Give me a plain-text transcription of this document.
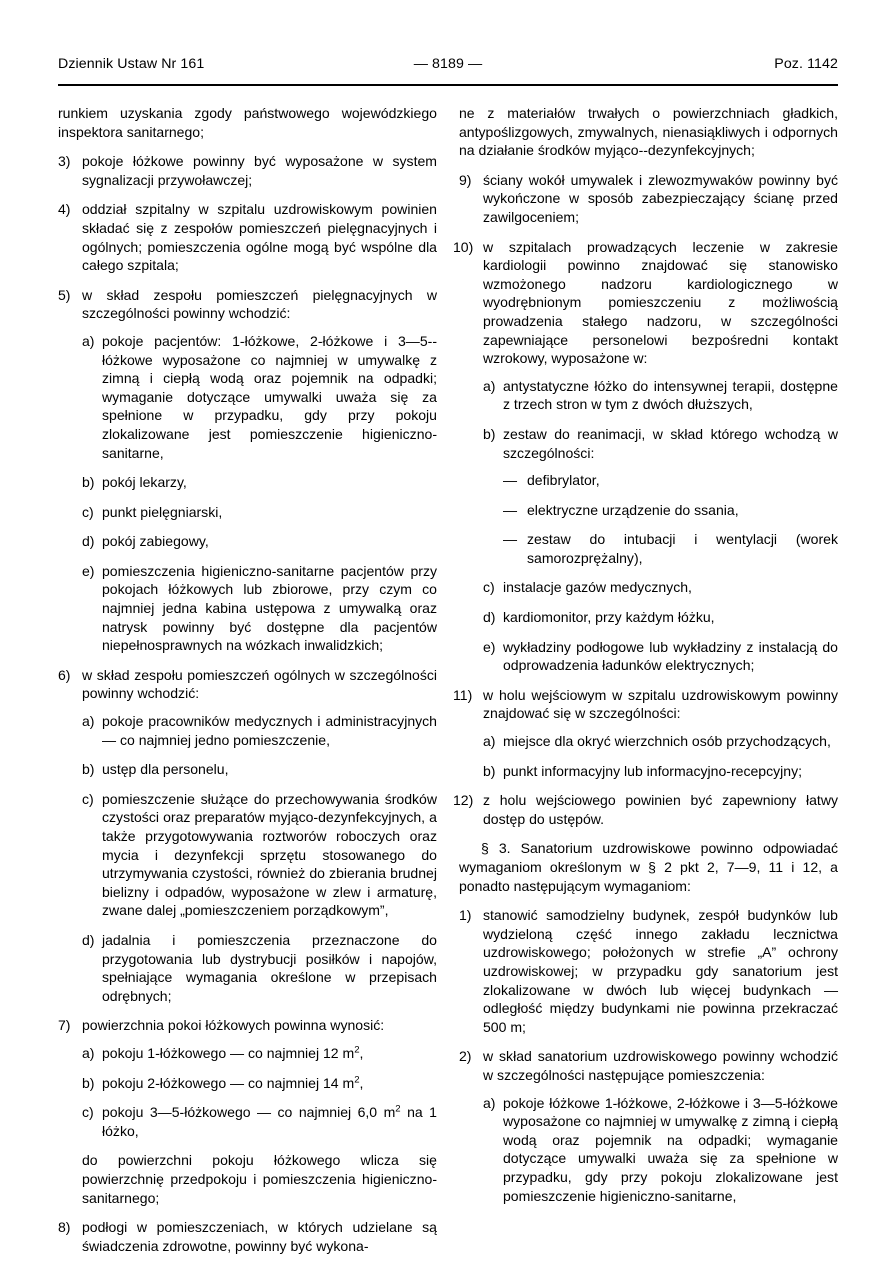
Dziennik Ustaw Nr 161	— 8189 —	Poz. 1142
runkiem uzyskania zgody państwowego wojewódzkiego inspektora sanitarnego;
3) pokoje łóżkowe powinny być wyposażone w system sygnalizacji przywoławczej;
4) oddział szpitalny w szpitalu uzdrowiskowym powinien składać się z zespołów pomieszczeń pielęgnacyjnych i ogólnych; pomieszczenia ogólne mogą być wspólne dla całego szpitala;
5) w skład zespołu pomieszczeń pielęgnacyjnych w szczególności powinny wchodzić:
a) pokoje pacjentów: 1-łóżkowe, 2-łóżkowe i 3—5--łóżkowe wyposażone co najmniej w umywalkę z zimną i ciepłą wodą oraz pojemnik na odpadki; wymaganie dotyczące umywalki uważa się za spełnione w przypadku, gdy przy pokoju zlokalizowane jest pomieszczenie higieniczno-sanitarne,
b) pokój lekarzy,
c) punkt pielęgniarski,
d) pokój zabiegowy,
e) pomieszczenia higieniczno-sanitarne pacjentów przy pokojach łóżkowych lub zbiorowe, przy czym co najmniej jedna kabina ustępowa z umywalką oraz natrysk powinny być dostępne dla pacjentów niepełnosprawnych na wózkach inwalidzkich;
6) w skład zespołu pomieszczeń ogólnych w szczególności powinny wchodzić:
a) pokoje pracowników medycznych i administracyjnych — co najmniej jedno pomieszczenie,
b) ustęp dla personelu,
c) pomieszczenie służące do przechowywania środków czystości oraz preparatów myjąco-dezynfekcyjnych, a także przygotowywania roztworów roboczych oraz mycia i dezynfekcji sprzętu stosowanego do utrzymywania czystości, również do zbierania brudnej bielizny i odpadów, wyposażone w zlew i armaturę, zwane dalej „pomieszczeniem porządkowym”,
d) jadalnia i pomieszczenia przeznaczone do przygotowania lub dystrybucji posiłków i napojów, spełniające wymagania określone w przepisach odrębnych;
7) powierzchnia pokoi łóżkowych powinna wynosić:
a) pokoju 1-łóżkowego — co najmniej 12 $m^2$,
b) pokoju 2-łóżkowego — co najmniej 14 $m^2$,
c) pokoju 3—5-łóżkowego — co najmniej 6,0 $m^2$ na 1 łóżko,
do powierzchni pokoju łóżkowego wlicza się powierzchnię przedpokoju i pomieszczenia higieniczno-sanitarnego;
8) podłogi w pomieszczeniach, w których udzielane są świadczenia zdrowotne, powinny być wykona-
ne z materiałów trwałych o powierzchniach gładkich, antypoślizgowych, zmywalnych, nienasiąkliwych i odpornych na działanie środków myjąco--dezynfekcyjnych;
9) ściany wokół umywalek i zlewozmywaków powinny być wykończone w sposób zabezpieczający ścianę przed zawilgoceniem;
10) w szpitalach prowadzących leczenie w zakresie kardiologii powinno znajdować się stanowisko wzmożonego nadzoru kardiologicznego w wyodrębnionym pomieszczeniu z możliwością prowadzenia stałego nadzoru, w szczególności zapewniające personelowi bezpośredni kontakt wzrokowy, wyposażone w:
a) antystatyczne łóżko do intensywnej terapii, dostępne z trzech stron w tym z dwóch dłuższych,
b) zestaw do reanimacji, w skład którego wchodzą w szczególności:
— defibrylator,
— elektryczne urządzenie do ssania,
— zestaw do intubacji i wentylacji (worek samorozprężalny),
c) instalacje gazów medycznych,
d) kardiomonitor, przy każdym łóżku,
e) wykładziny podłogowe lub wykładziny z instalacją do odprowadzenia ładunków elektrycznych;
11) w holu wejściowym w szpitalu uzdrowiskowym powinny znajdować się w szczególności:
a) miejsce dla okryć wierzchnich osób przychodzących,
b) punkt informacyjny lub informacyjno-recepcyjny;
12) z holu wejściowego powinien być zapewniony łatwy dostęp do ustępów.
§ 3. Sanatorium uzdrowiskowe powinno odpowiadać wymaganiom określonym w § 2 pkt 2, 7—9, 11 i 12, a ponadto następującym wymaganiom:
1) stanowić samodzielny budynek, zespół budynków lub wydzieloną część innego zakładu lecznictwa uzdrowiskowego; położonych w strefie „A” ochrony uzdrowiskowej; w przypadku gdy sanatorium jest zlokalizowane w dwóch lub więcej budynkach — odległość między budynkami nie powinna przekraczać 500 m;
2) w skład sanatorium uzdrowiskowego powinny wchodzić w szczególności następujące pomieszczenia:
a) pokoje łóżkowe 1-łóżkowe, 2-łóżkowe i 3—5-łóżkowe wyposażone co najmniej w umywalkę z zimną i ciepłą wodą oraz pojemnik na odpadki; wymaganie dotyczące umywalki uważa się za spełnione w przypadku, gdy przy pokoju zlokalizowane jest pomieszczenie higieniczno-sanitarne,
